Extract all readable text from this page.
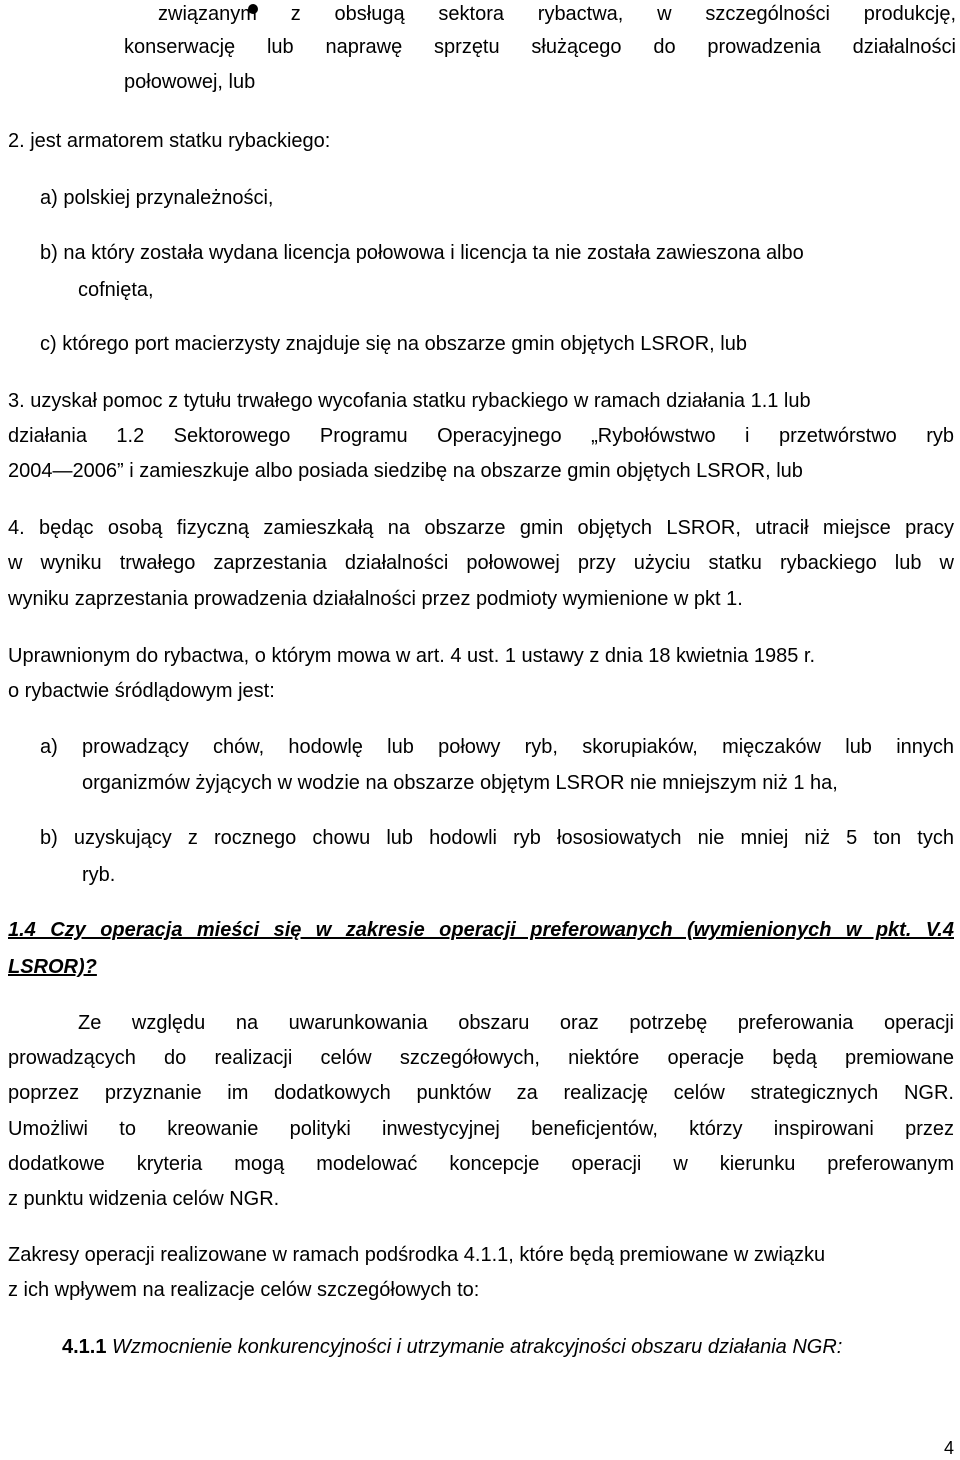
związanym z obsługą sektora rybactwa, w szczególności produkcję,
konserwację lub naprawę sprzętu służącego do prowadzenia działalności
połowowej, lub
2. jest armatorem statku rybackiego:
a) polskiej przynależności,
b) na który została wydana licencja połowowa i licencja ta nie została zawieszona albo
cofnięta,
c) którego port macierzysty znajduje się na obszarze gmin objętych LSROR, lub
3. uzyskał pomoc z tytułu trwałego wycofania statku rybackiego w ramach działania 1.1 lub
działania 1.2 Sektorowego Programu Operacyjnego „Rybołówstwo i przetwórstwo ryb
2004—2006” i zamieszkuje albo posiada siedzibę na obszarze gmin objętych LSROR, lub
4. będąc osobą fizyczną zamieszkałą na obszarze gmin objętych LSROR, utracił miejsce pracy
w wyniku trwałego zaprzestania działalności połowowej przy użyciu statku rybackiego lub w
wyniku zaprzestania prowadzenia działalności przez podmioty wymienione w pkt 1.
Uprawnionym do rybactwa, o którym mowa w art. 4 ust. 1 ustawy z dnia 18 kwietnia 1985 r.
o rybactwie śródlądowym jest:
a) prowadzący chów, hodowlę lub połowy ryb, skorupiaków, mięczaków lub innych
organizmów żyjących w wodzie na obszarze objętym LSROR nie mniejszym niż 1 ha,
b) uzyskujący z rocznego chowu lub hodowli ryb łososiowatych nie mniej niż 5 ton tych
ryb.
1.4 Czy operacja mieści się w zakresie operacji preferowanych (wymienionych w pkt. V.4
LSROR)?
Ze względu na uwarunkowania obszaru oraz potrzebę preferowania operacji
prowadzących do realizacji celów szczegółowych, niektóre operacje będą premiowane
poprzez przyznanie im dodatkowych punktów za realizację celów strategicznych NGR.
Umożliwi to kreowanie polityki inwestycyjnej beneficjentów, którzy inspirowani przez
dodatkowe kryteria mogą modelować koncepcje operacji w kierunku preferowanym
z punktu widzenia celów NGR.
Zakresy operacji realizowane w ramach podśrodka 4.1.1, które będą premiowane w związku
z ich wpływem na realizacje celów szczegółowych to:
4.1.1 Wzmocnienie konkurencyjności i utrzymanie atrakcyjności obszaru działania NGR:
4
